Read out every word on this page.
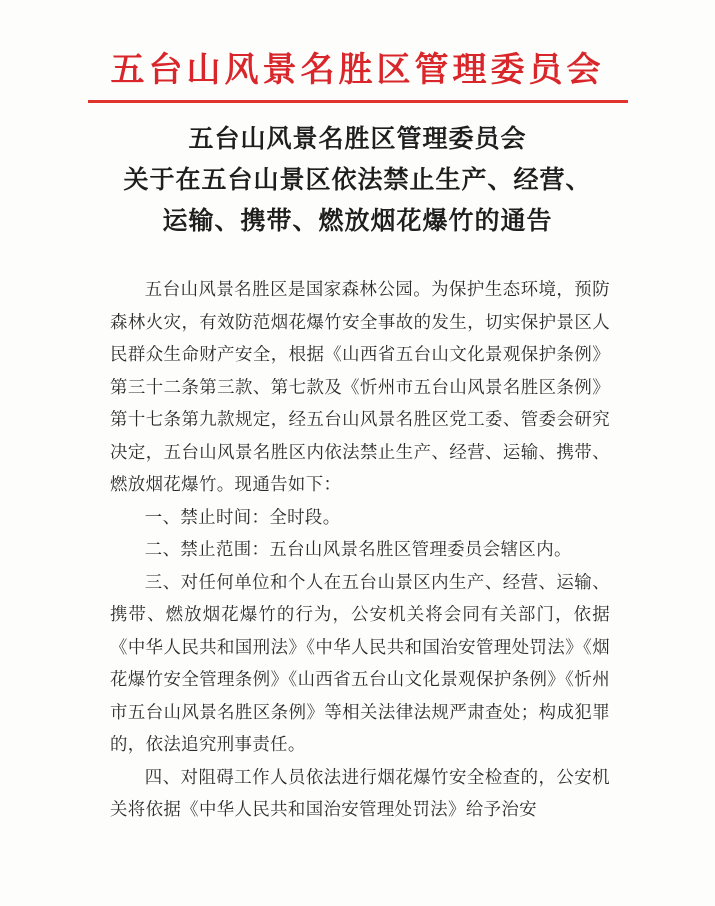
五台山风景名胜区管理委员会
五台山风景名胜区管理委员会
关于在五台山景区依法禁止生产、经营、
运输、携带、燃放烟花爆竹的通告

五台山风景名胜区是国家森林公园。为保护生态环境，预防森林火灾，有效防范烟花爆竹安全事故的发生，切实保护景区人民群众生命财产安全，根据《山西省五台山文化景观保护条例》第三十二条第三款、第七款及《忻州市五台山风景名胜区条例》第十七条第九款规定，经五台山风景名胜区党工委、管委会研究决定，五台山风景名胜区内依法禁止生产、经营、运输、携带、燃放烟花爆竹。现通告如下：

一、禁止时间：全时段。

二、禁止范围：五台山风景名胜区管理委员会辖区内。

三、对任何单位和个人在五台山景区内生产、经营、运输、携带、燃放烟花爆竹的行为，公安机关将会同有关部门，依据《中华人民共和国刑法》《中华人民共和国治安管理处罚法》《烟花爆竹安全管理条例》《山西省五台山文化景观保护条例》《忻州市五台山风景名胜区条例》等相关法律法规严肃查处；构成犯罪的，依法追究刑事责任。

四、对阻碍工作人员依法进行烟花爆竹安全检查的，公安机关将依据《中华人民共和国治安管理处罚法》给予治安
